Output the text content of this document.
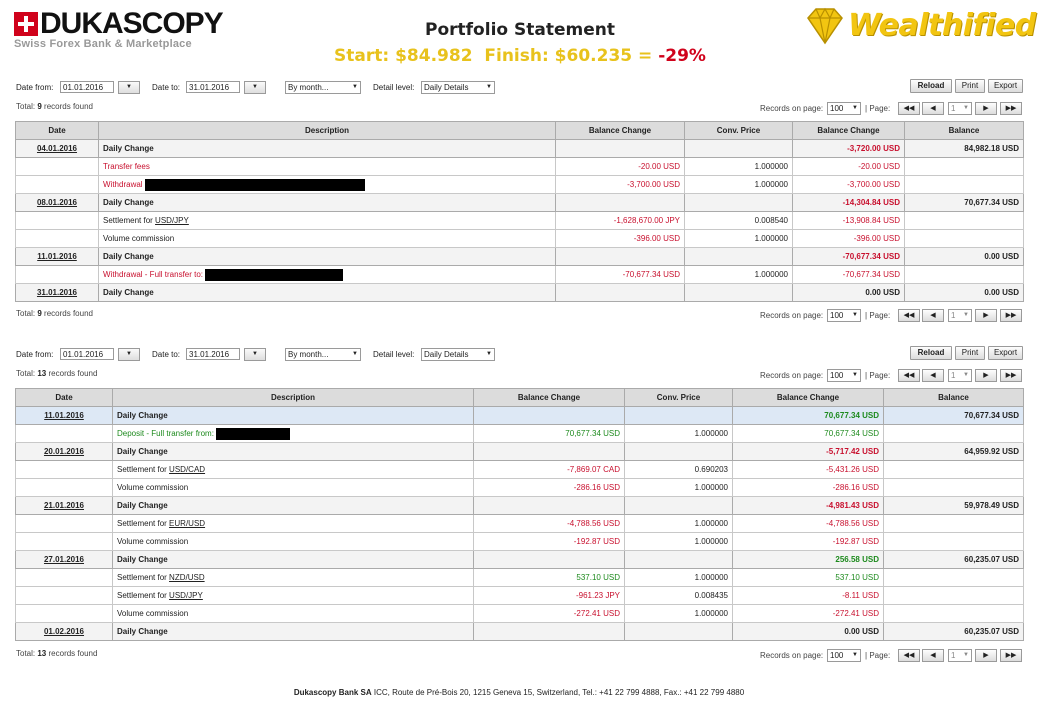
DUKASCOPY
Swiss Forex Bank & Marketplace
Portfolio Statement
Start: $84.982 Finish: $60.235 = -29%
Wealthified
Date from:	01.01.2016	▼	Date to:	31.01.2016	▼	By month...	▼ Detail level:	Daily Details	▼	Reload	Print	Export
Total: 9 records found	Records on page: 100 ▼ | Page:	◀◀	◀	1 ▼	▶	▶▶
Date	Description	Balance Change	Conv. Price	Balance Change	Balance
04.01.2016	Daily Change			-3,720.00 USD	84,982.18 USD
	Transfer fees	-20.00 USD	1.000000	-20.00 USD	
	Withdrawal	-3,700.00 USD	1.000000	-3,700.00 USD	
08.01.2016	Daily Change			-14,304.84 USD	70,677.34 USD
	Settlement for USD/JPY	-1,628,670.00 JPY	0.008540	-13,908.84 USD	
	Volume commission	-396.00 USD	1.000000	-396.00 USD	
11.01.2016	Daily Change			-70,677.34 USD	0.00 USD
	Withdrawal - Full transfer to:	-70,677.34 USD	1.000000	-70,677.34 USD	
31.01.2016	Daily Change			0.00 USD	0.00 USD
Total: 9 records found	Records on page: 100 ▼ | Page:	◀◀	◀	1 ▼	▶	▶▶
Date from:	01.01.2016	▼	Date to:	31.01.2016	▼	By month...	▼ Detail level:	Daily Details	▼	Reload	Print	Export
Total: 13 records found	Records on page: 100 ▼ | Page:	◀◀	◀	1 ▼	▶	▶▶
Date	Description	Balance Change	Conv. Price	Balance Change	Balance
11.01.2016	Daily Change			70,677.34 USD	70,677.34 USD
	Deposit - Full transfer from:	70,677.34 USD	1.000000	70,677.34 USD	
20.01.2016	Daily Change			-5,717.42 USD	64,959.92 USD
	Settlement for USD/CAD	-7,869.07 CAD	0.690203	-5,431.26 USD	
	Volume commission	-286.16 USD	1.000000	-286.16 USD	
21.01.2016	Daily Change			-4,981.43 USD	59,978.49 USD
	Settlement for EUR/USD	-4,788.56 USD	1.000000	-4,788.56 USD	
	Volume commission	-192.87 USD	1.000000	-192.87 USD	
27.01.2016	Daily Change			256.58 USD	60,235.07 USD
	Settlement for NZD/USD	537.10 USD	1.000000	537.10 USD	
	Settlement for USD/JPY	-961.23 JPY	0.008435	-8.11 USD	
	Volume commission	-272.41 USD	1.000000	-272.41 USD	
01.02.2016	Daily Change			0.00 USD	60,235.07 USD
Total: 13 records found	Records on page: 100 ▼ | Page:	◀◀	◀	1 ▼	▶	▶▶
Dukascopy Bank SA ICC, Route de Pré-Bois 20, 1215 Geneva 15, Switzerland, Tel.: +41 22 799 4888, Fax.: +41 22 799 4880
